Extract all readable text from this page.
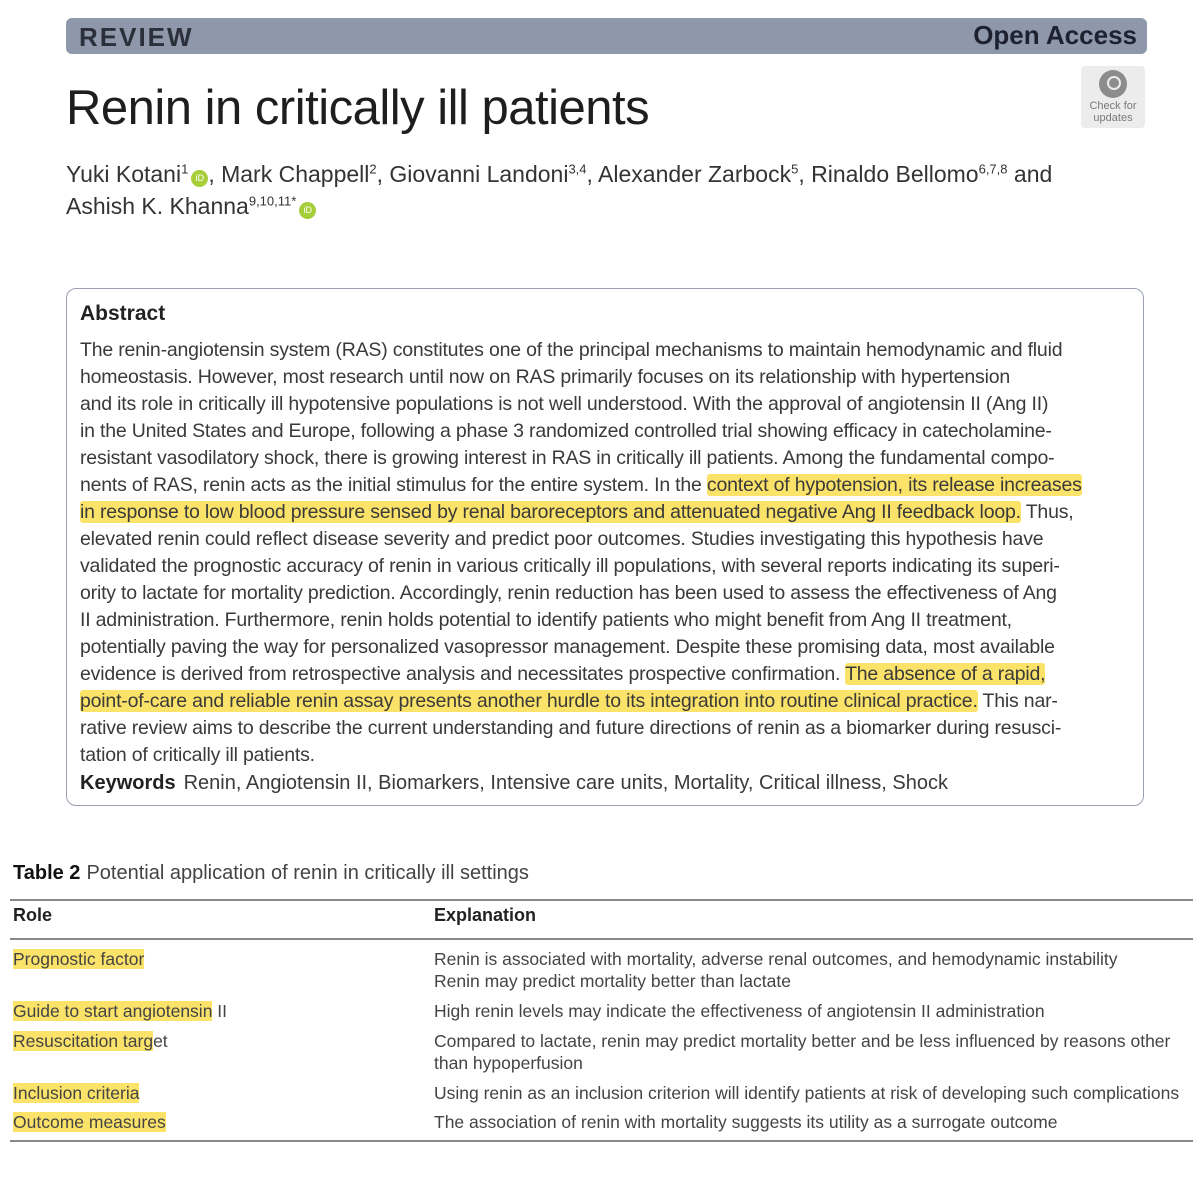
REVIEW	Open Access
Check for
updates
Renin in critically ill patients
Yuki Kotani$^1$iD , Mark Chappell$^2$, Giovanni Landoni$^{3,4}$, Alexander Zarbock$^5$, Rinaldo Bellomo$^{6,7,8}$ and
Ashish K. Khanna$^{9,10,11*}$iD
Abstract
The renin-angiotensin system (RAS) constitutes one of the principal mechanisms to maintain hemodynamic and fluid
homeostasis. However, most research until now on RAS primarily focuses on its relationship with hypertension
and its role in critically ill hypotensive populations is not well understood. With the approval of angiotensin II (Ang II)
in the United States and Europe, following a phase 3 randomized controlled trial showing efficacy in catecholamine-
resistant vasodilatory shock, there is growing interest in RAS in critically ill patients. Among the fundamental compo-
nents of RAS, renin acts as the initial stimulus for the entire system. In the context of hypotension, its release increases
in response to low blood pressure sensed by renal baroreceptors and attenuated negative Ang II feedback loop. Thus,
elevated renin could reflect disease severity and predict poor outcomes. Studies investigating this hypothesis have
validated the prognostic accuracy of renin in various critically ill populations, with several reports indicating its superi-
ority to lactate for mortality prediction. Accordingly, renin reduction has been used to assess the effectiveness of Ang
II administration. Furthermore, renin holds potential to identify patients who might benefit from Ang II treatment,
potentially paving the way for personalized vasopressor management. Despite these promising data, most available
evidence is derived from retrospective analysis and necessitates prospective confirmation. The absence of a rapid,
point-of-care and reliable renin assay presents another hurdle to its integration into routine clinical practice. This nar-
rative review aims to describe the current understanding and future directions of renin as a biomarker during resusci-
tation of critically ill patients.
Keywords Renin, Angiotensin II, Biomarkers, Intensive care units, Mortality, Critical illness, Shock
Table 2 Potential application of renin in critically ill settings
Role	Explanation
Prognostic factor	Renin is associated with mortality, adverse renal outcomes, and hemodynamic instability
Renin may predict mortality better than lactate
Guide to start angiotensin II	High renin levels may indicate the effectiveness of angiotensin II administration
Resuscitation target	Compared to lactate, renin may predict mortality better and be less influenced by reasons other
than hypoperfusion
Inclusion criteria	Using renin as an inclusion criterion will identify patients at risk of developing such complications
Outcome measures	The association of renin with mortality suggests its utility as a surrogate outcome
